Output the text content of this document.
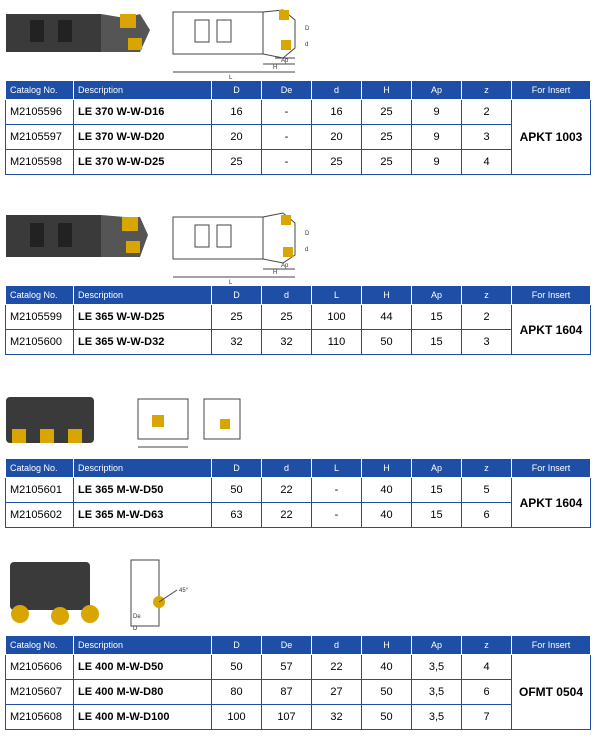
L
H
Ap
D
d
Catalog No.	Description	D	De	d	H	Ap	z	For Insert
M2105596	LE 370 W-W-D16	16	-	16	25	9	2	APKT 1003
M2105597	LE 370 W-W-D20	20	-	20	25	9	3	
M2105598	LE 370 W-W-D25	25	-	25	25	9	4	
L
H
Ap
D
d
Catalog No.	Description	D	d	L	H	Ap	z	For Insert
M2105599	LE 365 W-W-D25	25	25	100	44	15	2	APKT 1604
M2105600	LE 365 W-W-D32	32	32	110	50	15	3	
Catalog No.	Description	D	d	L	H	Ap	z	For Insert
M2105601	LE 365 M-W-D50	50	22	-	40	15	5	APKT 1604
M2105602	LE 365 M-W-D63	63	22	-	40	15	6	
45°
De
D
Catalog No.	Description	D	De	d	H	Ap	z	For Insert
M2105606	LE 400 M-W-D50	50	57	22	40	3,5	4	OFMT 0504
M2105607	LE 400 M-W-D80	80	87	27	50	3,5	6	
M2105608	LE 400 M-W-D100	100	107	32	50	3,5	7	
